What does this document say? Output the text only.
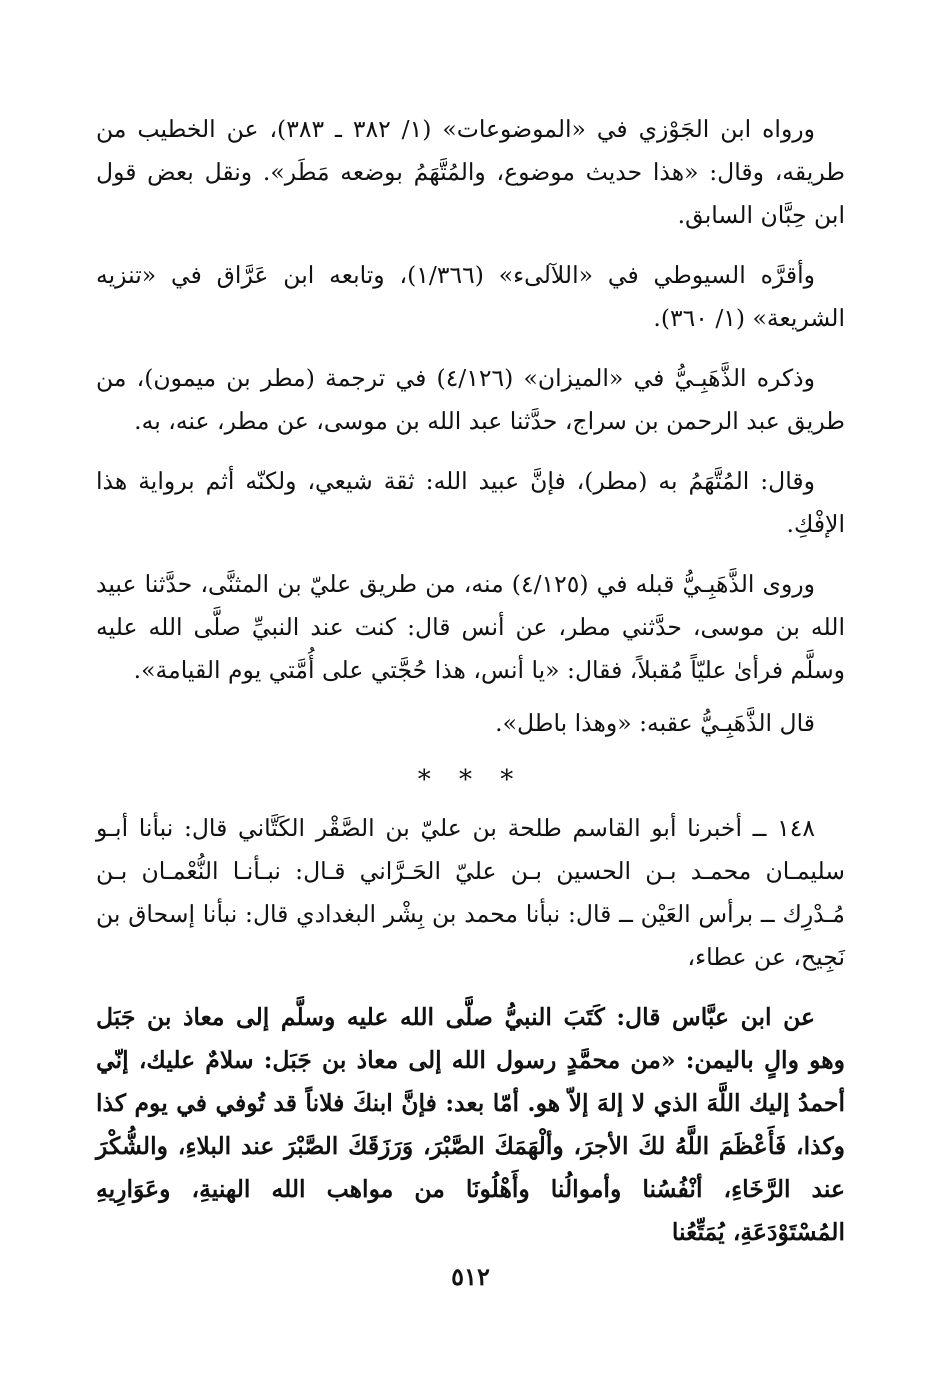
ورواه ابن الجَوْزي في «الموضوعات» (١/ ٣٨٢ ـ ٣٨٣)، عن الخطيب من طريقه، وقال: «هذا حديث موضوع، والمُتَّهَمُ بوضعه مَطَر». ونقل بعض قول ابن حِبَّان السابق.

وأقرَّه السيوطي في «اللآلىء» (١/٣٦٦)، وتابعه ابن عَرَّاق في «تنزيه الشريعة» (١/ ٣٦٠).

وذكره الذَّهَبِـيُّ في «الميزان» (٤/١٢٦) في ترجمة (مطر بن ميمون)، من طريق عبد الرحمن بن سراج، حدَّثنا عبد الله بن موسى، عن مطر، عنه، به.

وقال: المُتَّهَمُ به (مطر)، فإنَّ عبيد الله: ثقة شيعي، ولكنّه أثم برواية هذا الإفْكِ.

وروى الذَّهَبِـيُّ قبله في (٤/١٢٥) منه، من طريق عليّ بن المثنَّى، حدَّثنا عبيد الله بن موسى، حدَّثني مطر، عن أنس قال: كنت عند النبيِّ صلَّى الله عليه وسلَّم فرأىٰ عليّاً مُقبلاً، فقال: «يا أنس، هذا حُجَّتي على أُمَّتي يوم القيامة».

قال الذَّهَبِـيُّ عقبه: «وهذا باطل».

* * *

١٤٨ ــ أخبرنا أبو القاسم طلحة بن عليّ بن الصَّقْر الكَتَّاني قال: نبأنا أبـو سليمـان محمـد بـن الحسين بـن عليّ الحَـرَّاني قـال: نبـأنـا النُّعْمـان بـن مُـدْرِك ــ برأس العَيْن ــ قال: نبأنا محمد بن بِشْر البغدادي قال: نبأنا إسحاق بن نَجِيح، عن عطاء،

عن ابن عبَّاس قال: كَتَبَ النبيُّ صلَّى الله عليه وسلَّم إلى معاذ بن جَبَل وهو والٍ باليمن: «من محمَّدٍ رسول الله إلى معاذ بن جَبَل: سلامٌ عليك، إنّي أحمدُ إليك اللَّهَ الذي لا إلهَ إلاّ هو. أمّا بعد: فإنَّ ابنكَ فلاناً قد تُوفي في يوم كذا وكذا، فَأَعْظَمَ اللَّهُ لكَ الأجرَ، وألْهَمَكَ الصَّبْرَ، وَرَزَقَكَ الصَّبْرَ عند البلاءِ، والشُّكْرَ عند الرَّخَاءِ، أنْفُسُنا وأموالُنا وأَهْلُونَا من مواهب الله الهنيةِ، وعَوَارِيهِ المُسْتَوْدَعَةِ، يُمَتِّعُنا

٥١٢
